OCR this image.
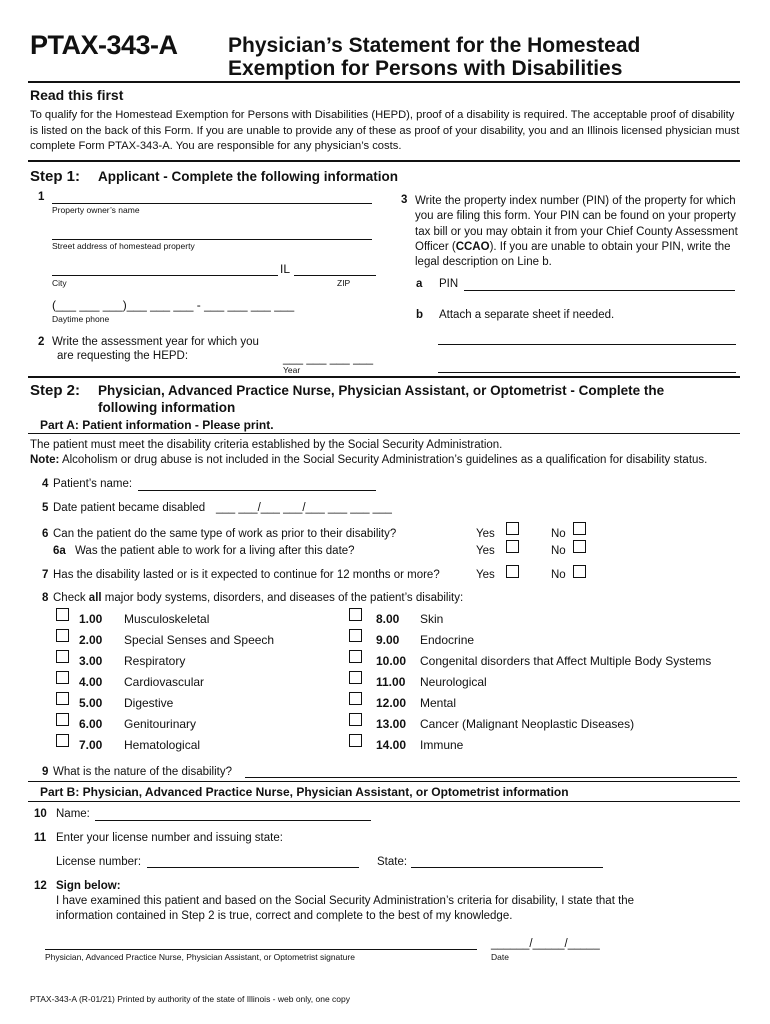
PTAX-343-A Physician’s Statement for the Homestead
Exemption for Persons with Disabilities
Read this first
To qualify for the Homestead Exemption for Persons with Disabilities (HEPD), proof of a disability is required. The acceptable proof of disability is listed on the back of this Form. If you are unable to provide any of these as proof of your disability, you and an Illinois licensed physician must complete Form PTAX-343-A. You are responsible for any physician’s costs.
Step 1: Applicant - Complete the following information
1
Property owner’s name
Street address of homestead property
IL
City	ZIP
(___ ___ ___)___ ___ ___ - ___ ___ ___ ___
Daytime phone
2 Write the assessment year for which you
are requesting the HEPD:	___ ___ ___ ___
Year
3 Write the property index number (PIN) of the property for which you are filing this form. Your PIN can be found on your property tax bill or you may obtain it from your Chief County Assessment Officer (CCAO). If you are unable to obtain your PIN, write the legal description on Line b.
a PIN
b Attach a separate sheet if needed.
Step 2: Physician, Advanced Practice Nurse, Physician Assistant, or Optometrist - Complete the
following information
Part A: Patient information - Please print.
The patient must meet the disability criteria established by the Social Security Administration.
Note: Alcoholism or drug abuse is not included in the Social Security Administration’s guidelines as a qualification for disability status.
4 Patient’s name:
5 Date patient became disabled ___ ___/___ ___/___ ___ ___ ___
6 Can the patient do the same type of work as prior to their disability?	Yes	No
6a Was the patient able to work for a living after this date?	Yes	No
7 Has the disability lasted or is it expected to continue for 12 months or more?	Yes	No
8 Check all major body systems, disorders, and diseases of the patient’s disability:
1.00 Musculoskeletal
2.00 Special Senses and Speech
3.00 Respiratory
4.00 Cardiovascular
5.00 Digestive
6.00 Genitourinary
7.00 Hematological
8.00 Skin
9.00 Endocrine
10.00 Congenital disorders that Affect Multiple Body Systems
11.00 Neurological
12.00 Mental
13.00 Cancer (Malignant Neoplastic Diseases)
14.00 Immune
9 What is the nature of the disability?
Part B: Physician, Advanced Practice Nurse, Physician Assistant, or Optometrist information
10 Name:
11 Enter your license number and issuing state:
License number:	State:
12 Sign below:
I have examined this patient and based on the Social Security Administration’s criteria for disability, I state that the
information contained in Step 2 is true, correct and complete to the best of my knowledge.
______/_____/_____
Physician, Advanced Practice Nurse, Physician Assistant, or Optometrist signature	Date
PTAX-343-A (R-01/21) Printed by authority of the state of Illinois - web only, one copy
